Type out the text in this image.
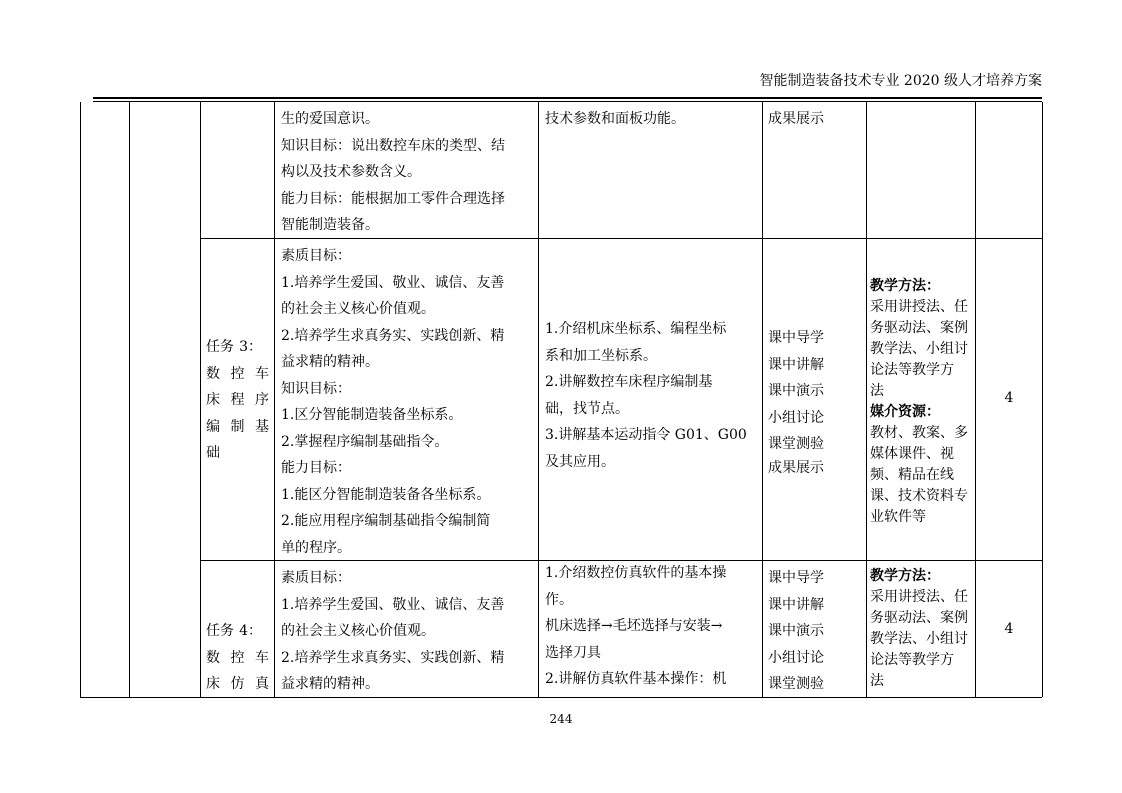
智能制造装备技术专业 2020 级人才培养方案
生的爱国意识。
知识目标：说出数控车床的类型、结
构以及技术参数含义。
能力目标：能根据加工零件合理选择
智能制造装备。
技术参数和面板功能。	成果展示
任务 3：
数 控 车
床 程 序
编 制 基
础
素质目标：
1.培养学生爱国、敬业、诚信、友善
的社会主义核心价值观。
2.培养学生求真务实、实践创新、精
益求精的精神。
知识目标：
1.区分智能制造装备坐标系。
2.掌握程序编制基础指令。
能力目标：
1.能区分智能制造装备各坐标系。
2.能应用程序编制基础指令编制简
单的程序。
1.介绍机床坐标系、编程坐标
系和加工坐标系。
2.讲解数控车床程序编制基
础，找节点。
3.讲解基本运动指令 G01、G00
及其应用。
课中导学
课中讲解
课中演示
小组讨论
课堂测验
成果展示
教学方法：
采用讲授法、任
务驱动法、案例
教学法、小组讨
论法等教学方
法
媒介资源：
教材、教案、多
媒体课件、视
频、精品在线
课、技术资料专
业软件等
4
任务 4：
数 控 车
床 仿 真
素质目标：
1.培养学生爱国、敬业、诚信、友善
的社会主义核心价值观。
2.培养学生求真务实、实践创新、精
益求精的精神。
1.介绍数控仿真软件的基本操
作。
机床选择→毛坯选择与安装→
选择刀具
2.讲解仿真软件基本操作：机
课中导学
课中讲解
课中演示
小组讨论
课堂测验
教学方法：
采用讲授法、任
务驱动法、案例
教学法、小组讨
论法等教学方
法
4
244
